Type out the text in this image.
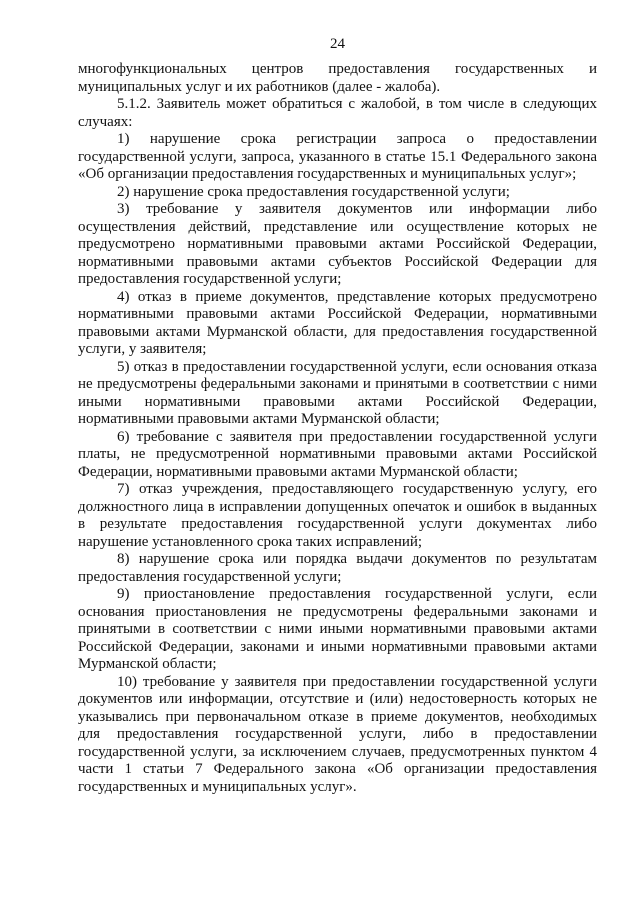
24
многофункциональных центров предоставления государственных и
муниципальных услуг и их работников (далее - жалоба).
5.1.2. Заявитель может обратиться с жалобой, в том числе в следующих
случаях:
1) нарушение срока регистрации запроса о предоставлении
государственной услуги, запроса, указанного в статье 15.1 Федерального закона
«Об организации предоставления государственных и муниципальных услуг»;
2) нарушение срока предоставления государственной услуги;
3) требование у заявителя документов или информации либо
осуществления действий, представление или осуществление которых не
предусмотрено нормативными правовыми актами Российской Федерации,
нормативными правовыми актами субъектов Российской Федерации для
предоставления государственной услуги;
4) отказ в приеме документов, представление которых предусмотрено
нормативными правовыми актами Российской Федерации, нормативными
правовыми актами Мурманской области, для предоставления государственной
услуги, у заявителя;
5) отказ в предоставлении государственной услуги, если основания отказа
не предусмотрены федеральными законами и принятыми в соответствии с ними
иными нормативными правовыми актами Российской Федерации,
нормативными правовыми актами Мурманской области;
6) требование с заявителя при предоставлении государственной услуги
платы, не предусмотренной нормативными правовыми актами Российской
Федерации, нормативными правовыми актами Мурманской области;
7) отказ учреждения, предоставляющего государственную услугу, его
должностного лица в исправлении допущенных опечаток и ошибок в выданных
в результате предоставления государственной услуги документах либо
нарушение установленного срока таких исправлений;
8) нарушение срока или порядка выдачи документов по результатам
предоставления государственной услуги;
9) приостановление предоставления государственной услуги, если
основания приостановления не предусмотрены федеральными законами и
принятыми в соответствии с ними иными нормативными правовыми актами
Российской Федерации, законами и иными нормативными правовыми актами
Мурманской области;
10) требование у заявителя при предоставлении государственной услуги
документов или информации, отсутствие и (или) недостоверность которых не
указывались при первоначальном отказе в приеме документов, необходимых
для предоставления государственной услуги, либо в предоставлении
государственной услуги, за исключением случаев, предусмотренных пунктом 4
части 1 статьи 7 Федерального закона «Об организации предоставления
государственных и муниципальных услуг».
